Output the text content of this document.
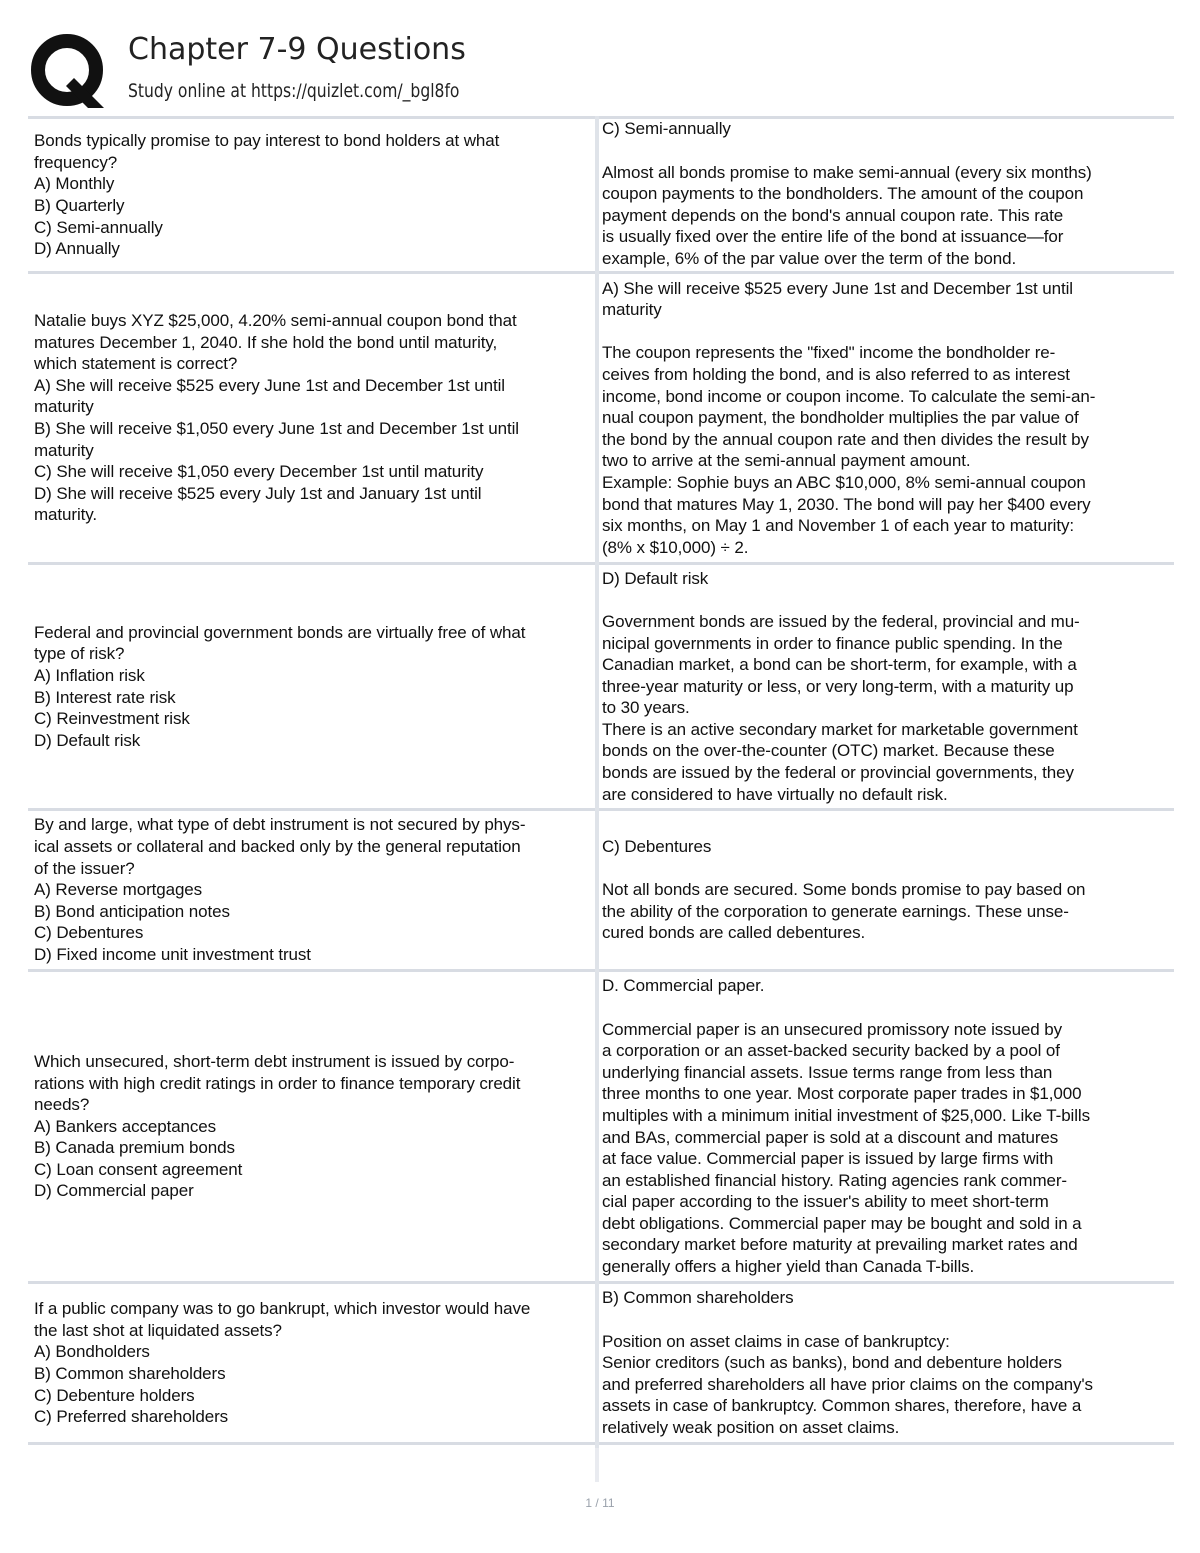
Chapter 7-9 Questions
Study online at https://quizlet.com/_bgl8fo
Bonds typically promise to pay interest to bond holders at what
frequency?
A) Monthly
B) Quarterly
C) Semi-annually
D) Annually
C) Semi-annually

Almost all bonds promise to make semi-annual (every six months)
coupon payments to the bondholders. The amount of the coupon
payment depends on the bond's annual coupon rate. This rate
is usually fixed over the entire life of the bond at issuance—for
example, 6% of the par value over the term of the bond.
Natalie buys XYZ $25,000, 4.20% semi-annual coupon bond that
matures December 1, 2040. If she hold the bond until maturity,
which statement is correct?
A) She will receive $525 every June 1st and December 1st until
maturity
B) She will receive $1,050 every June 1st and December 1st until
maturity
C) She will receive $1,050 every December 1st until maturity
D) She will receive $525 every July 1st and January 1st until
maturity.
A) She will receive $525 every June 1st and December 1st until
maturity

The coupon represents the "fixed" income the bondholder re-
ceives from holding the bond, and is also referred to as interest
income, bond income or coupon income. To calculate the semi-an-
nual coupon payment, the bondholder multiplies the par value of
the bond by the annual coupon rate and then divides the result by
two to arrive at the semi-annual payment amount.
Example: Sophie buys an ABC $10,000, 8% semi-annual coupon
bond that matures May 1, 2030. The bond will pay her $400 every
six months, on May 1 and November 1 of each year to maturity:
(8% x $10,000) ÷ 2.
Federal and provincial government bonds are virtually free of what
type of risk?
A) Inflation risk
B) Interest rate risk
C) Reinvestment risk
D) Default risk
D) Default risk

Government bonds are issued by the federal, provincial and mu-
nicipal governments in order to finance public spending. In the
Canadian market, a bond can be short-term, for example, with a
three-year maturity or less, or very long-term, with a maturity up
to 30 years.
There is an active secondary market for marketable government
bonds on the over-the-counter (OTC) market. Because these
bonds are issued by the federal or provincial governments, they
are considered to have virtually no default risk.
By and large, what type of debt instrument is not secured by phys-
ical assets or collateral and backed only by the general reputation
of the issuer?
A) Reverse mortgages
B) Bond anticipation notes
C) Debentures
D) Fixed income unit investment trust
C) Debentures

Not all bonds are secured. Some bonds promise to pay based on
the ability of the corporation to generate earnings. These unse-
cured bonds are called debentures.
Which unsecured, short-term debt instrument is issued by corpo-
rations with high credit ratings in order to finance temporary credit
needs?
A) Bankers acceptances
B) Canada premium bonds
C) Loan consent agreement
D) Commercial paper
D. Commercial paper.

Commercial paper is an unsecured promissory note issued by
a corporation or an asset-backed security backed by a pool of
underlying financial assets. Issue terms range from less than
three months to one year. Most corporate paper trades in $1,000
multiples with a minimum initial investment of $25,000. Like T-bills
and BAs, commercial paper is sold at a discount and matures
at face value. Commercial paper is issued by large firms with
an established financial history. Rating agencies rank commer-
cial paper according to the issuer's ability to meet short-term
debt obligations. Commercial paper may be bought and sold in a
secondary market before maturity at prevailing market rates and
generally offers a higher yield than Canada T-bills.
If a public company was to go bankrupt, which investor would have
the last shot at liquidated assets?
A) Bondholders
B) Common shareholders
C) Debenture holders
C) Preferred shareholders
B) Common shareholders

Position on asset claims in case of bankruptcy:
Senior creditors (such as banks), bond and debenture holders
and preferred shareholders all have prior claims on the company's
assets in case of bankruptcy. Common shares, therefore, have a
relatively weak position on asset claims.
1 / 11
